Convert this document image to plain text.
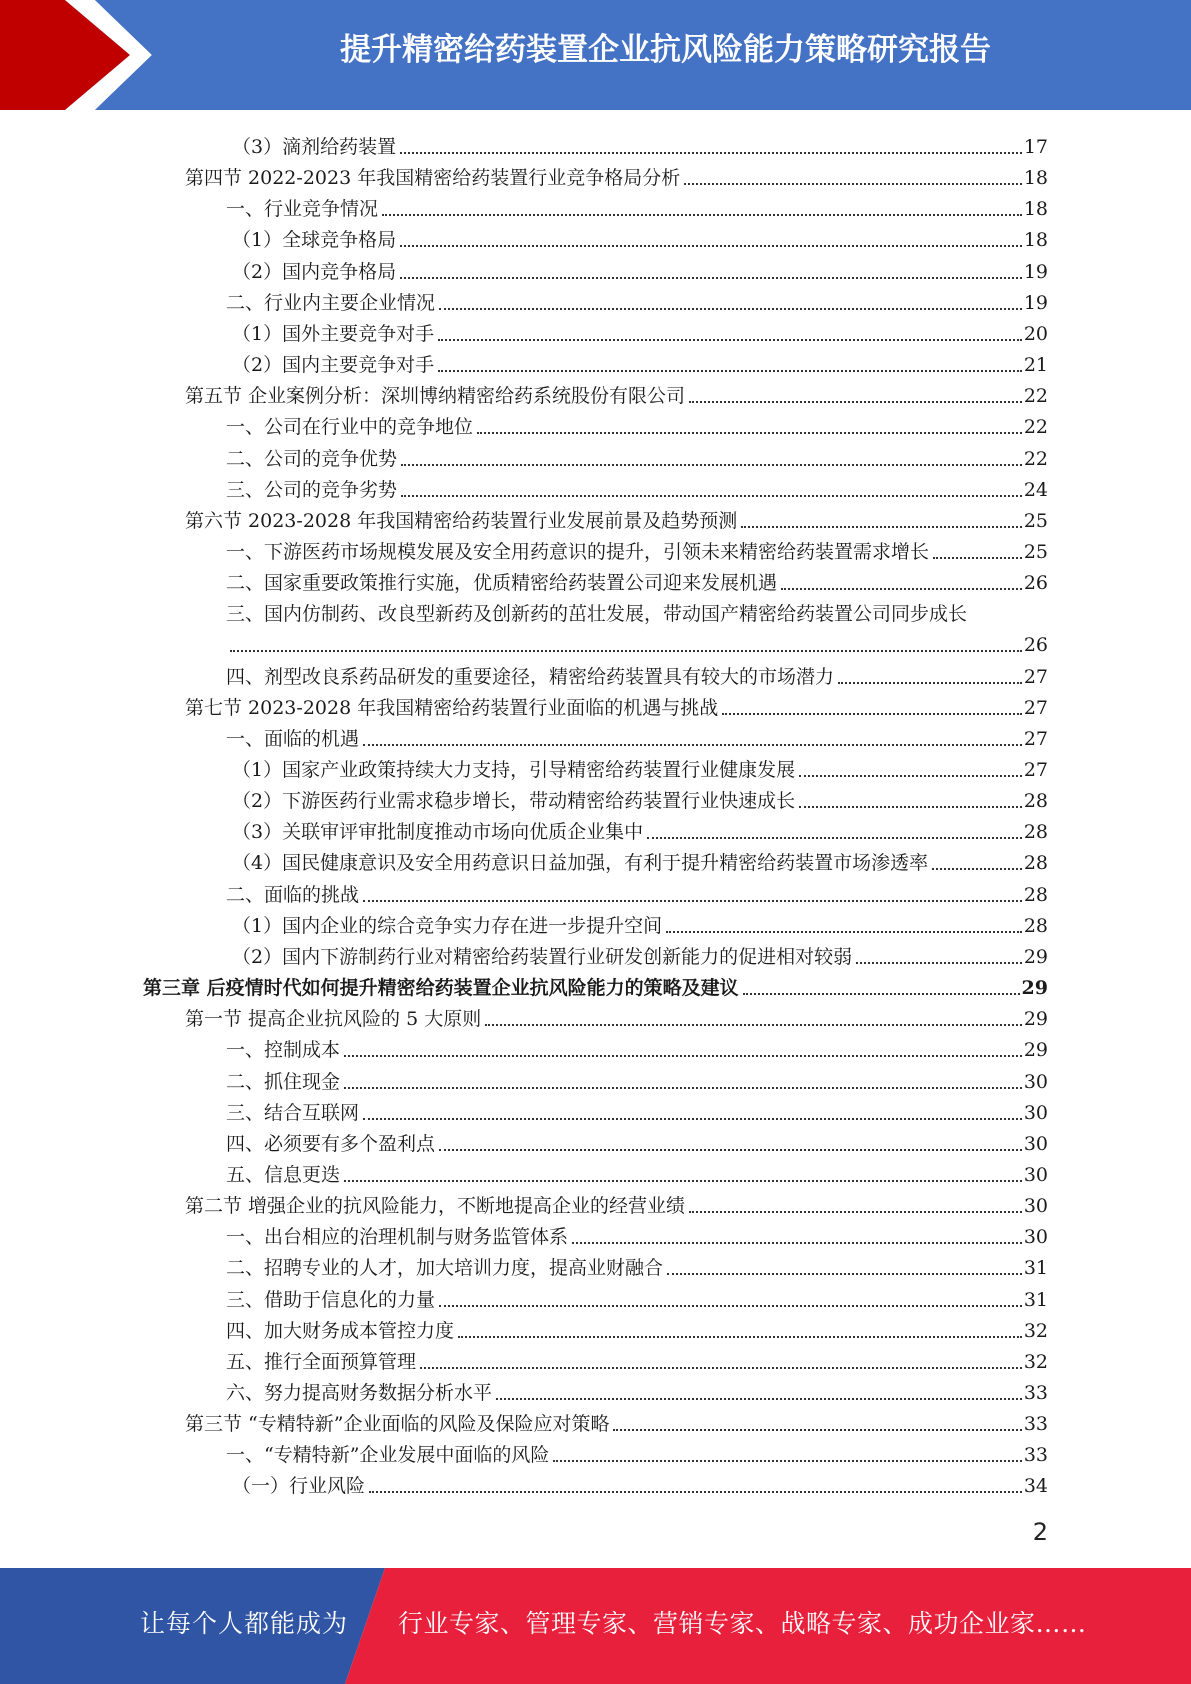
提升精密给药装置企业抗风险能力策略研究报告
（3）滴剂给药装置	17
第四节 2022-2023 年我国精密给药装置行业竞争格局分析	18
一、行业竞争情况	18
（1）全球竞争格局	18
（2）国内竞争格局	19
二、行业内主要企业情况	19
（1）国外主要竞争对手	20
（2）国内主要竞争对手	21
第五节 企业案例分析：深圳博纳精密给药系统股份有限公司	22
一、公司在行业中的竞争地位	22
二、公司的竞争优势	22
三、公司的竞争劣势	24
第六节 2023-2028 年我国精密给药装置行业发展前景及趋势预测	25
一、下游医药市场规模发展及安全用药意识的提升，引领未来精密给药装置需求增长	25
二、国家重要政策推行实施，优质精密给药装置公司迎来发展机遇	26
三、国内仿制药、改良型新药及创新药的茁壮发展，带动国产精密给药装置公司同步成长
26
四、剂型改良系药品研发的重要途径，精密给药装置具有较大的市场潜力	27
第七节 2023-2028 年我国精密给药装置行业面临的机遇与挑战	27
一、面临的机遇	27
（1）国家产业政策持续大力支持，引导精密给药装置行业健康发展	27
（2）下游医药行业需求稳步增长，带动精密给药装置行业快速成长	28
（3）关联审评审批制度推动市场向优质企业集中	28
（4）国民健康意识及安全用药意识日益加强，有利于提升精密给药装置市场渗透率	28
二、面临的挑战	28
（1）国内企业的综合竞争实力存在进一步提升空间	28
（2）国内下游制药行业对精密给药装置行业研发创新能力的促进相对较弱	29
第三章 后疫情时代如何提升精密给药装置企业抗风险能力的策略及建议	29
第一节 提高企业抗风险的 5 大原则	29
一、控制成本	29
二、抓住现金	30
三、结合互联网	30
四、必须要有多个盈利点	30
五、信息更迭	30
第二节 增强企业的抗风险能力，不断地提高企业的经营业绩	30
一、出台相应的治理机制与财务监管体系	30
二、招聘专业的人才，加大培训力度，提高业财融合	31
三、借助于信息化的力量	31
四、加大财务成本管控力度	32
五、推行全面预算管理	32
六、努力提高财务数据分析水平	33
第三节 “专精特新”企业面临的风险及保险应对策略	33
一、“专精特新”企业发展中面临的风险	33
（一）行业风险	34
2
让每个人都能成为 行业专家、管理专家、营销专家、战略专家、成功企业家……
